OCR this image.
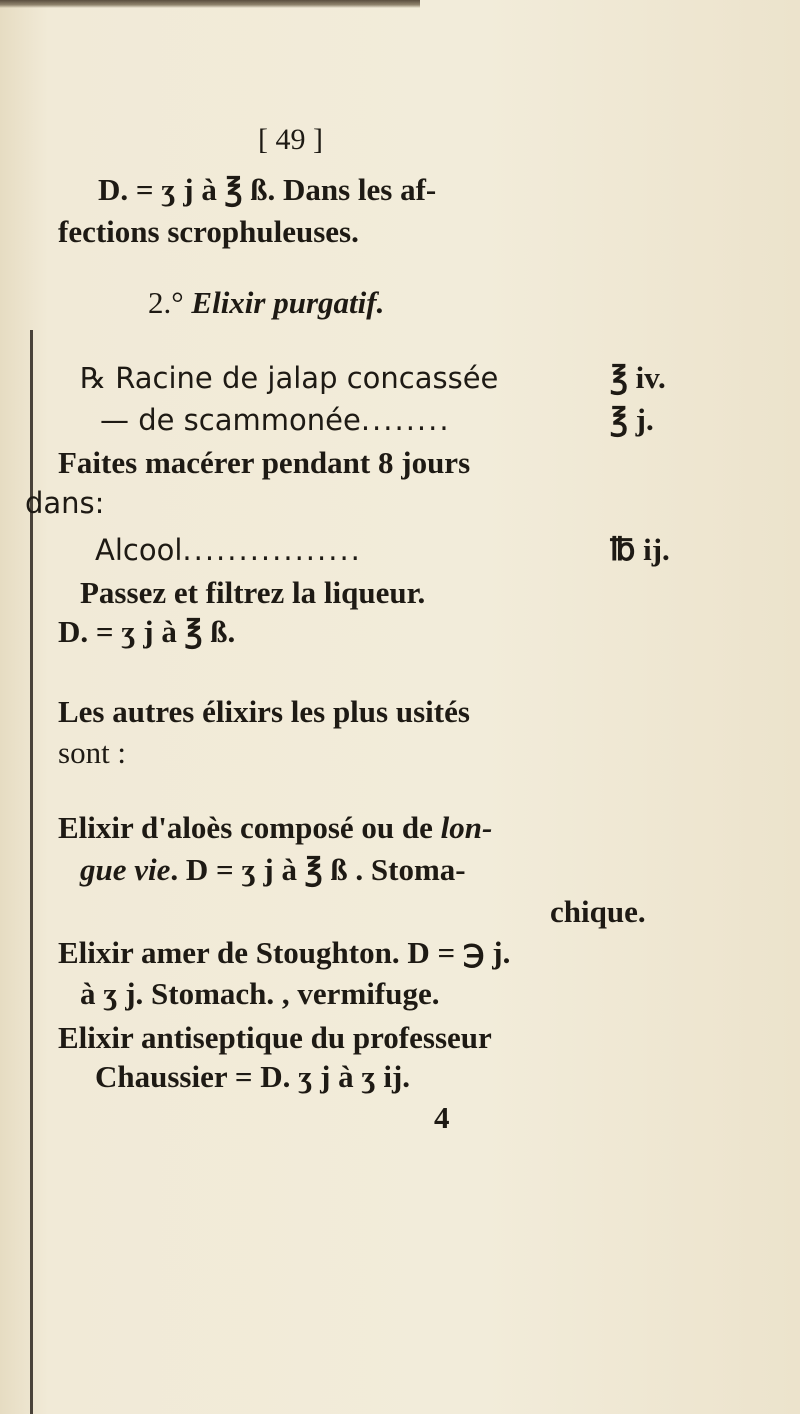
[ 49 ]
D. = ʒ j à ℥ ß. Dans les af-
fections scrophuleuses.
2.° Elixir purgatif.
℞ Racine de jalap concassée	℥ iv.
— de scammonée........	℥ j.
Faites macérer pendant 8 jours
dans:
Alcool................	℔ ij.
Passez et filtrez la liqueur.
D. = ʒ j à ℥ ß.
Les autres élixirs les plus usités
sont :
Elixir d'aloès composé ou de lon-
gue vie. D = ʒ j à ℥ ß . Stoma-
chique.
Elixir amer de Stoughton. D = ℈ j.
à ʒ j. Stomach. , vermifuge.
Elixir antiseptique du professeur
Chaussier = D. ʒ j à ʒ ij.
4
